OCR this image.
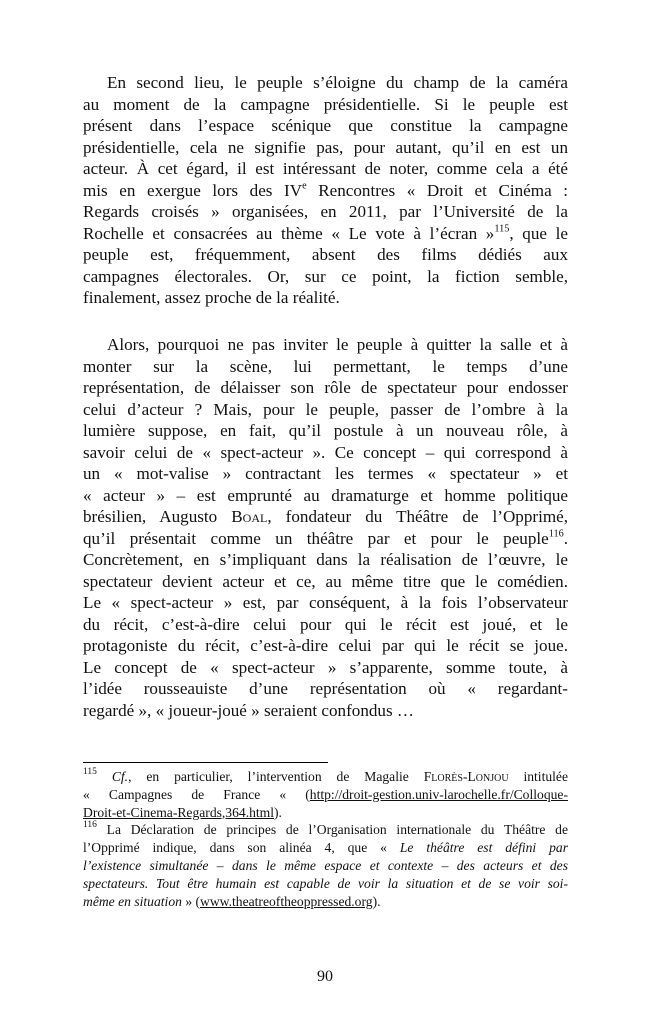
En second lieu, le peuple s’éloigne du champ de la caméra
au moment de la campagne présidentielle. Si le peuple est
présent dans l’espace scénique que constitue la campagne
présidentielle, cela ne signifie pas, pour autant, qu’il en est un
acteur. À cet égard, il est intéressant de noter, comme cela a été
mis en exergue lors des IVe Rencontres « Droit et Cinéma :
Regards croisés » organisées, en 2011, par l’Université de la
Rochelle et consacrées au thème « Le vote à l’écran »$^{115}$, que le
peuple est, fréquemment, absent des films dédiés aux
campagnes électorales. Or, sur ce point, la fiction semble,
finalement, assez proche de la réalité.
Alors, pourquoi ne pas inviter le peuple à quitter la salle et à
monter sur la scène, lui permettant, le temps d’une
représentation, de délaisser son rôle de spectateur pour endosser
celui d’acteur ? Mais, pour le peuple, passer de l’ombre à la
lumière suppose, en fait, qu’il postule à un nouveau rôle, à
savoir celui de « spect-acteur ». Ce concept – qui correspond à
un « mot-valise » contractant les termes « spectateur » et
« acteur » – est emprunté au dramaturge et homme politique
brésilien, Augusto Boal, fondateur du Théâtre de l’Opprimé,
qu’il présentait comme un théâtre par et pour le peuple$^{116}$.
Concrètement, en s’impliquant dans la réalisation de l’œuvre, le
spectateur devient acteur et ce, au même titre que le comédien.
Le « spect-acteur » est, par conséquent, à la fois l’observateur
du récit, c’est-à-dire celui pour qui le récit est joué, et le
protagoniste du récit, c’est-à-dire celui par qui le récit se joue.
Le concept de « spect-acteur » s’apparente, somme toute, à
l’idée rousseauiste d’une représentation où « regardant-
regardé », « joueur-joué » seraient confondus …
$^{115}$ Cf., en particulier, l’intervention de Magalie Florès-Lonjou intitulée
« Campagnes de France « (http://droit-gestion.univ-larochelle.fr/Colloque-
Droit-et-Cinema-Regards,364.html).
$^{116}$ La Déclaration de principes de l’Organisation internationale du Théâtre de
l’Opprimé indique, dans son alinéa 4, que « Le théâtre est défini par
l’existence simultanée – dans le même espace et contexte – des acteurs et des
spectateurs. Tout être humain est capable de voir la situation et de se voir soi-
même en situation » (www.theatreoftheoppressed.org).
90
